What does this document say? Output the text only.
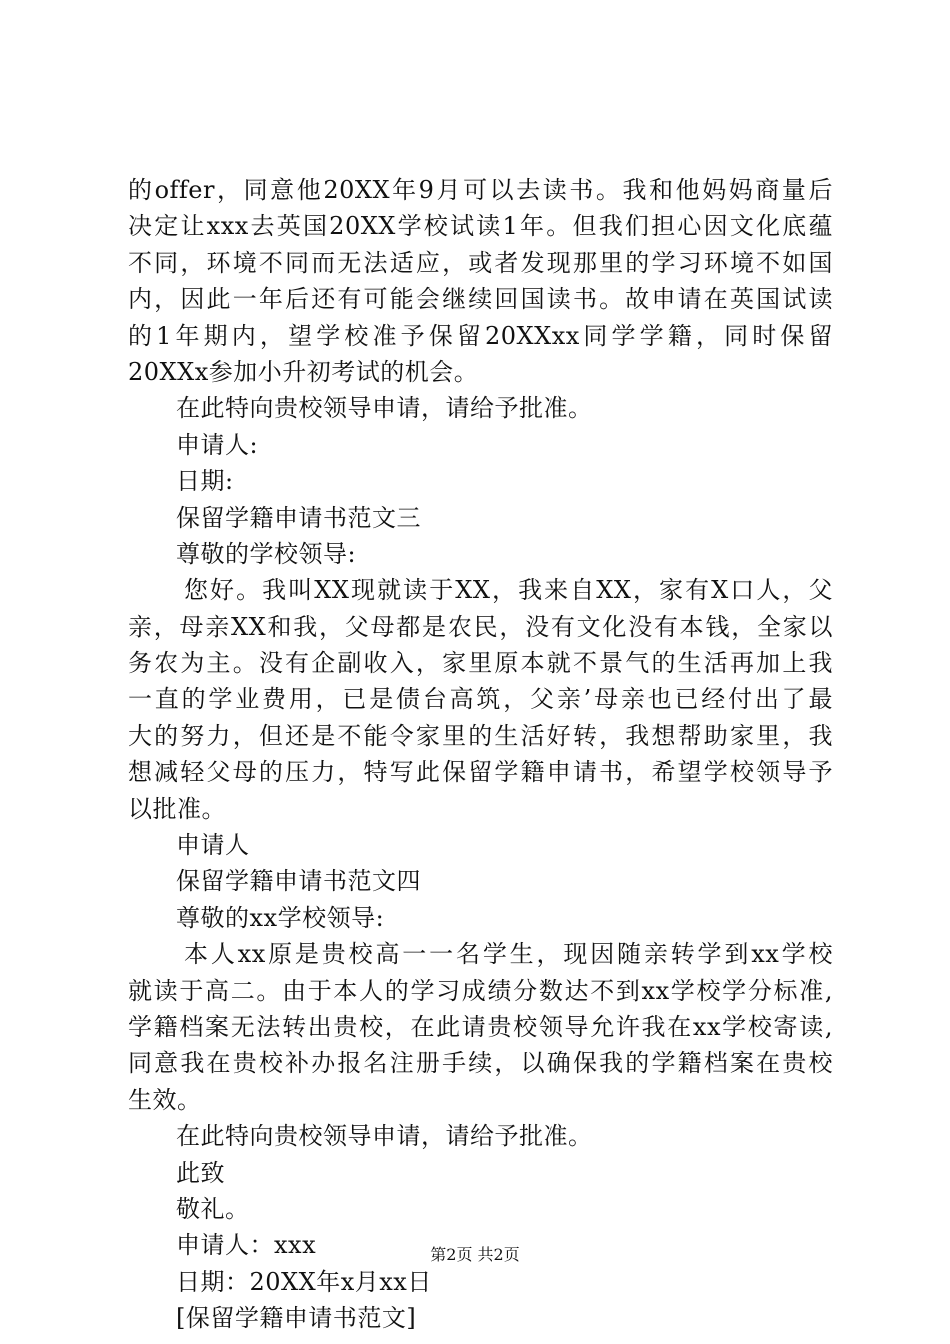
的offer，同意他20XX年9月可以去读书。我和他妈妈商量后
决定让xxx去英国20XX学校试读1年。但我们担心因文化底蕴
不同，环境不同而无法适应，或者发现那里的学习环境不如国
内，因此一年后还有可能会继续回国读书。故申请在英国试读
的1年期内，望学校准予保留20XXxx同学学籍，同时保留
20XXx参加小升初考试的机会。
在此特向贵校领导申请，请给予批准。
申请人:
日期:
保留学籍申请书范文三
尊敬的学校领导:
您好。我叫XX现就读于XX，我来自XX，家有X口人，父
亲，母亲XX和我，父母都是农民，没有文化没有本钱，全家以
务农为主。没有企副收入，家里原本就不景气的生活再加上我
一直的学业费用，已是债台高筑，父亲’母亲也已经付出了最
大的努力，但还是不能令家里的生活好转，我想帮助家里，我
想减轻父母的压力，特写此保留学籍申请书，希望学校领导予
以批准。
申请人
保留学籍申请书范文四
尊敬的xx学校领导:
本人xx原是贵校高一一名学生，现因随亲转学到xx学校
就读于高二。由于本人的学习成绩分数达不到xx学校学分标准,
学籍档案无法转出贵校，在此请贵校领导允许我在xx学校寄读,
同意我在贵校补办报名注册手续，以确保我的学籍档案在贵校
生效。
在此特向贵校领导申请，请给予批准。
此致
敬礼。
申请人：xxx
日期：20XX年x月xx日
[保留学籍申请书范文]
第2页 共2页
